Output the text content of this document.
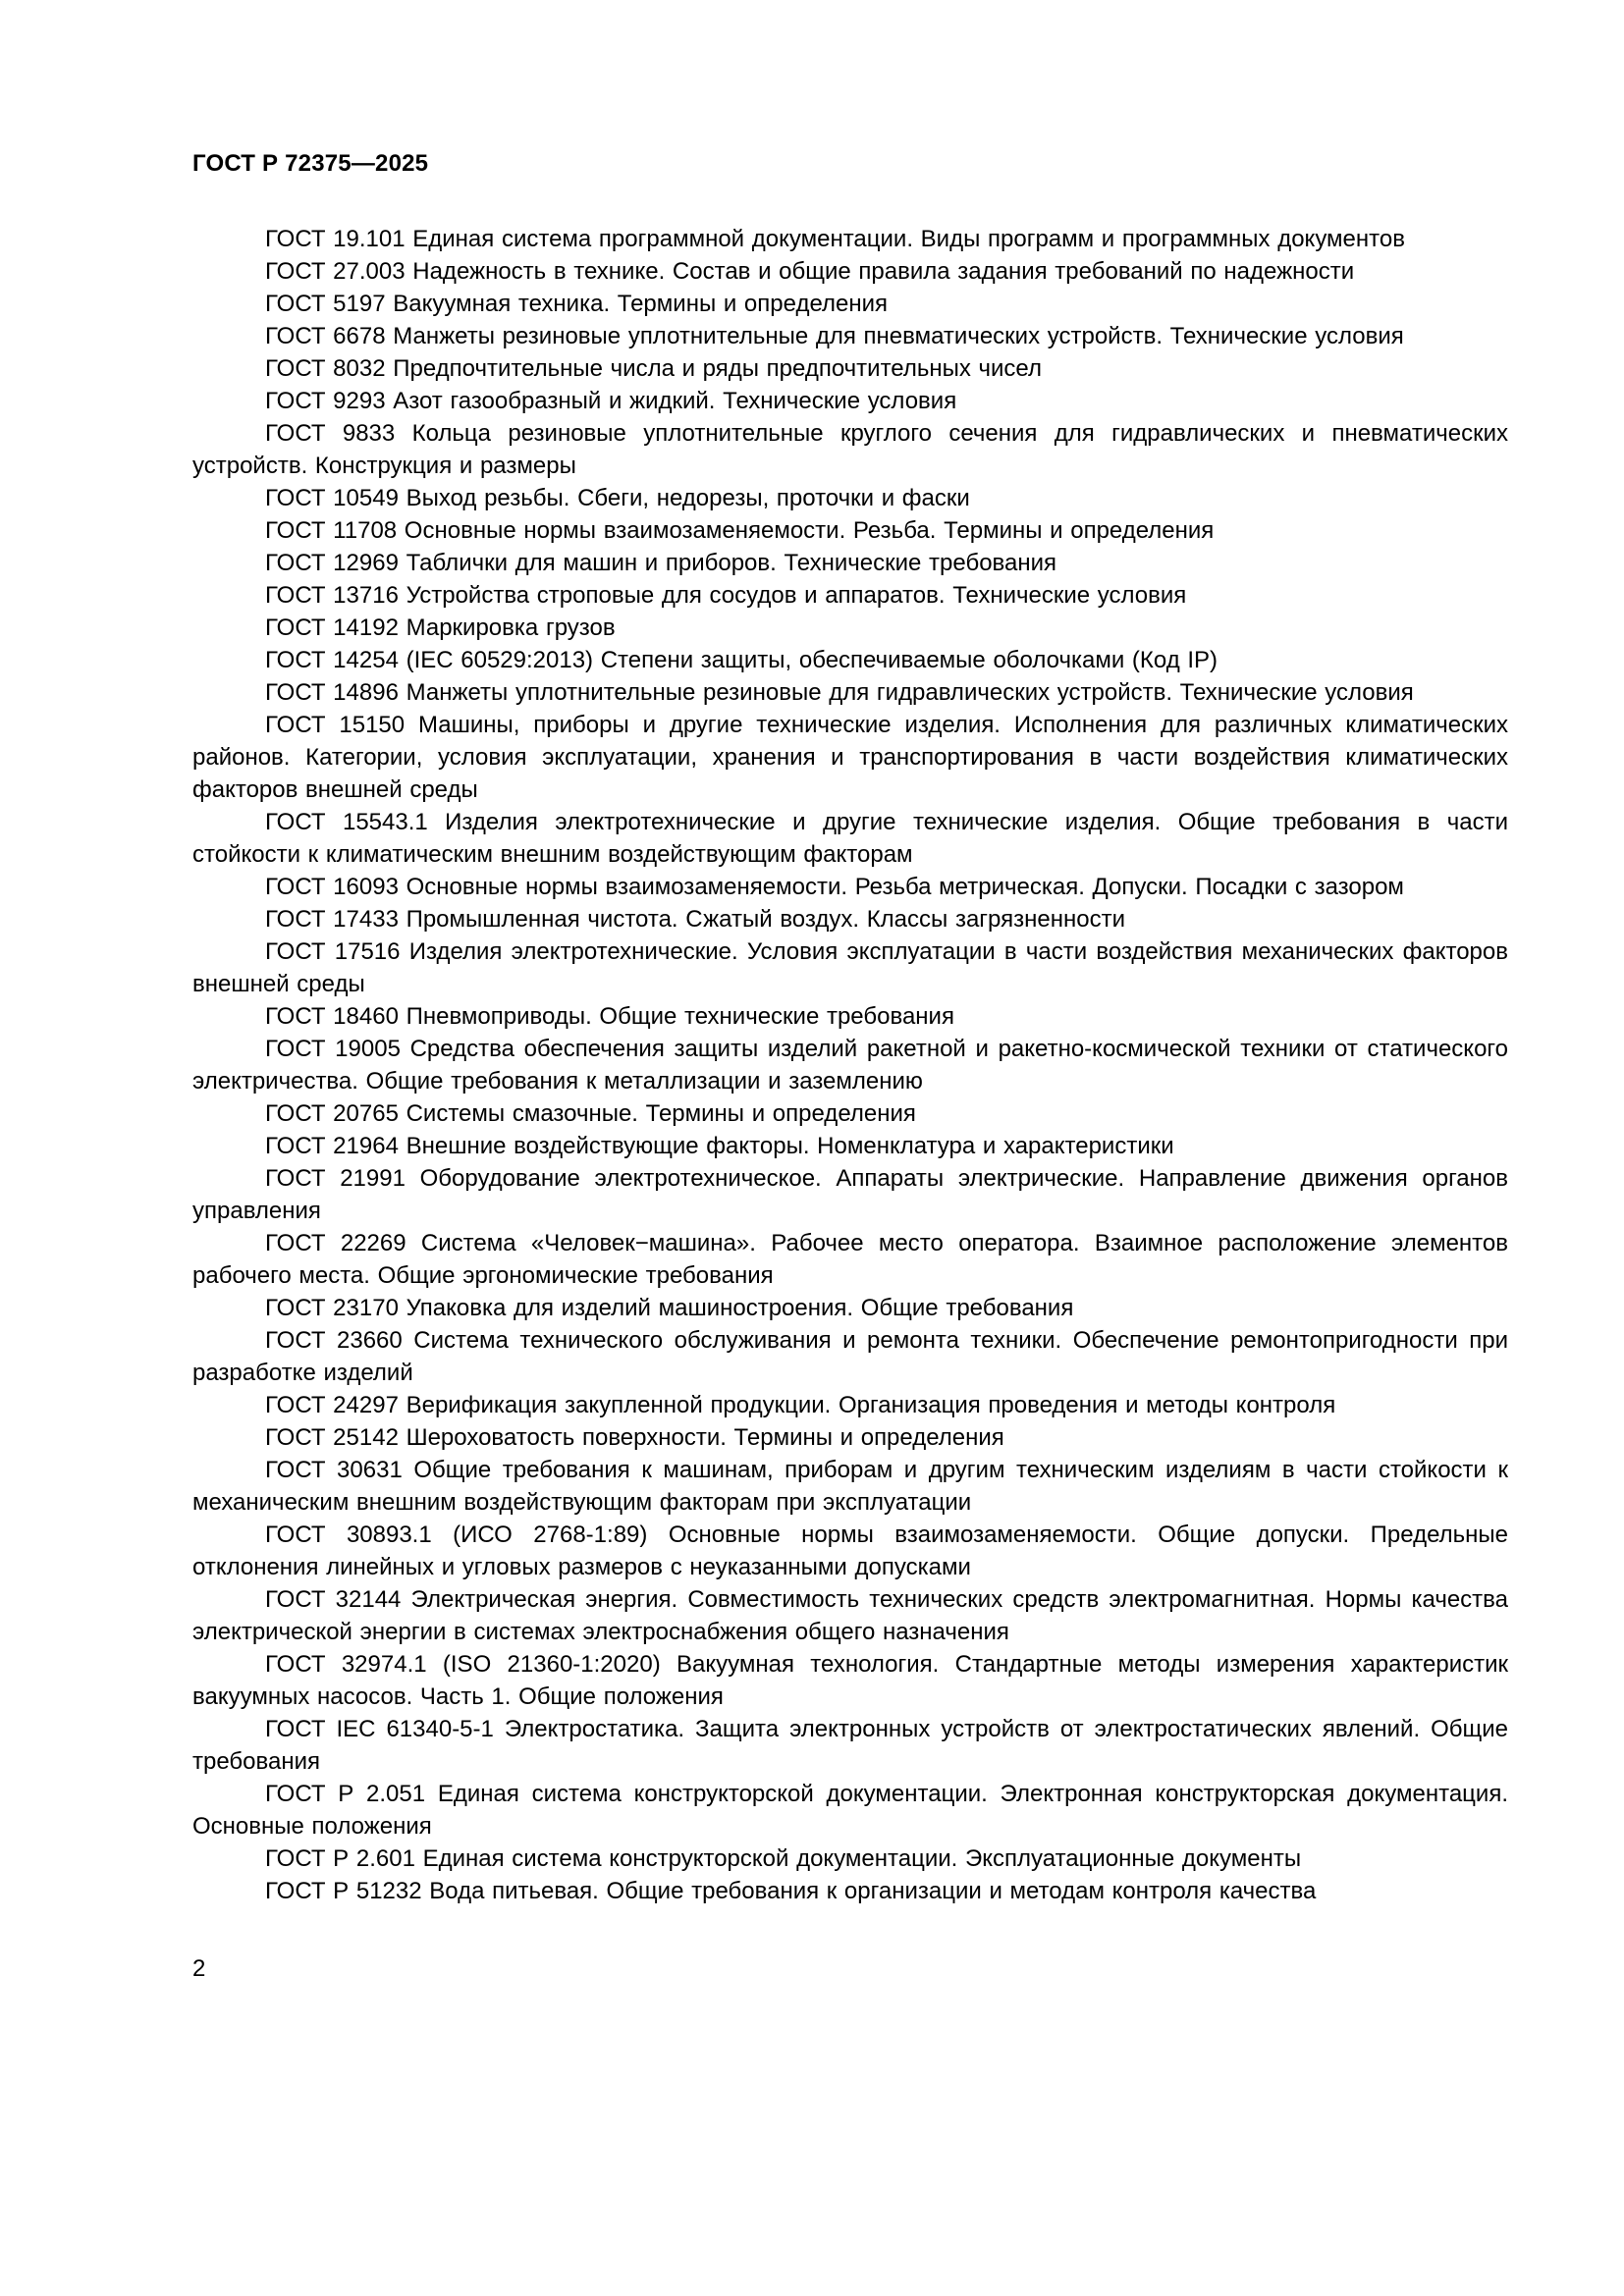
ГОСТ Р 72375—2025

ГОСТ 19.101 Единая система программной документации. Виды программ и программных документов

ГОСТ 27.003 Надежность в технике. Состав и общие правила задания требований по надежности

ГОСТ 5197 Вакуумная техника. Термины и определения

ГОСТ 6678 Манжеты резиновые уплотнительные для пневматических устройств. Технические условия

ГОСТ 8032 Предпочтительные числа и ряды предпочтительных чисел

ГОСТ 9293 Азот газообразный и жидкий. Технические условия

ГОСТ 9833 Кольца резиновые уплотнительные круглого сечения для гидравлических и пневматических устройств. Конструкция и размеры

ГОСТ 10549 Выход резьбы. Сбеги, недорезы, проточки и фаски

ГОСТ 11708 Основные нормы взаимозаменяемости. Резьба. Термины и определения

ГОСТ 12969 Таблички для машин и приборов. Технические требования

ГОСТ 13716 Устройства строповые для сосудов и аппаратов. Технические условия

ГОСТ 14192 Маркировка грузов

ГОСТ 14254 (IEC 60529:2013) Степени защиты, обеспечиваемые оболочками (Код IP)

ГОСТ 14896 Манжеты уплотнительные резиновые для гидравлических устройств. Технические условия

ГОСТ 15150 Машины, приборы и другие технические изделия. Исполнения для различных климатических районов. Категории, условия эксплуатации, хранения и транспортирования в части воздействия климатических факторов внешней среды

ГОСТ 15543.1 Изделия электротехнические и другие технические изделия. Общие требования в части стойкости к климатическим внешним воздействующим факторам

ГОСТ 16093 Основные нормы взаимозаменяемости. Резьба метрическая. Допуски. Посадки с зазором

ГОСТ 17433 Промышленная чистота. Сжатый воздух. Классы загрязненности

ГОСТ 17516 Изделия электротехнические. Условия эксплуатации в части воздействия механических факторов внешней среды

ГОСТ 18460 Пневмоприводы. Общие технические требования

ГОСТ 19005 Средства обеспечения защиты изделий ракетной и ракетно-космической техники от статического электричества. Общие требования к металлизации и заземлению

ГОСТ 20765 Системы смазочные. Термины и определения

ГОСТ 21964 Внешние воздействующие факторы. Номенклатура и характеристики

ГОСТ 21991 Оборудование электротехническое. Аппараты электрические. Направление движения органов управления

ГОСТ 22269 Система «Человек−машина». Рабочее место оператора. Взаимное расположение элементов рабочего места. Общие эргономические требования

ГОСТ 23170 Упаковка для изделий машиностроения. Общие требования

ГОСТ 23660 Система технического обслуживания и ремонта техники. Обеспечение ремонтопригодности при разработке изделий

ГОСТ 24297 Верификация закупленной продукции. Организация проведения и методы контроля

ГОСТ 25142 Шероховатость поверхности. Термины и определения

ГОСТ 30631 Общие требования к машинам, приборам и другим техническим изделиям в части стойкости к механическим внешним воздействующим факторам при эксплуатации

ГОСТ 30893.1 (ИСО 2768-1:89) Основные нормы взаимозаменяемости. Общие допуски. Предельные отклонения линейных и угловых размеров с неуказанными допусками

ГОСТ 32144 Электрическая энергия. Совместимость технических средств электромагнитная. Нормы качества электрической энергии в системах электроснабжения общего назначения

ГОСТ 32974.1 (ISO 21360-1:2020) Вакуумная технология. Стандартные методы измерения характеристик вакуумных насосов. Часть 1. Общие положения

ГОСТ IEC 61340-5-1 Электростатика. Защита электронных устройств от электростатических явлений. Общие требования

ГОСТ Р 2.051 Единая система конструкторской документации. Электронная конструкторская документация. Основные положения

ГОСТ Р 2.601 Единая система конструкторской документации. Эксплуатационные документы

ГОСТ Р 51232 Вода питьевая. Общие требования к организации и методам контроля качества

2
